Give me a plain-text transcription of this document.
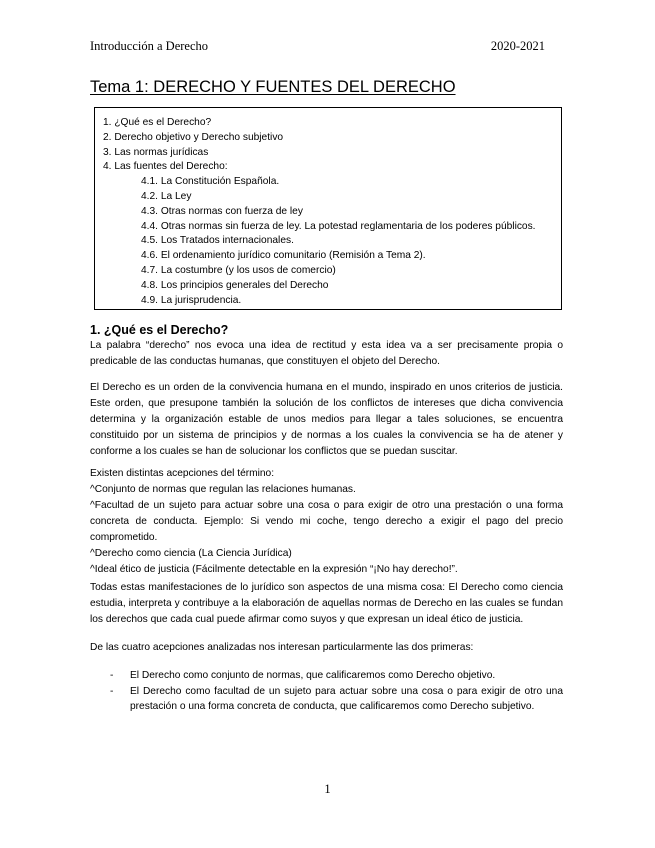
Introducción a Derecho	2020-2021
Tema 1: DERECHO Y FUENTES DEL DERECHO
1. ¿Qué es el Derecho?
2. Derecho objetivo y Derecho subjetivo
3. Las normas jurídicas
4. Las fuentes del Derecho:
4.1. La Constitución Española.
4.2. La Ley
4.3. Otras normas con fuerza de ley
4.4. Otras normas sin fuerza de ley. La potestad reglamentaria de los poderes públicos.
4.5. Los Tratados internacionales.
4.6. El ordenamiento jurídico comunitario (Remisión a Tema 2).
4.7. La costumbre (y los usos de comercio)
4.8. Los principios generales del Derecho
4.9. La jurisprudencia.
1. ¿Qué es el Derecho?

La palabra “derecho” nos evoca una idea de rectitud y esta idea va a ser precisamente propia o predicable de las conductas humanas, que constituyen el objeto del Derecho.

El Derecho es un orden de la convivencia humana en el mundo, inspirado en unos criterios de justicia. Este orden, que presupone también la solución de los conflictos de intereses que dicha convivencia determina y la organización estable de unos medios para llegar a tales soluciones, se encuentra constituido por un sistema de principios y de normas a los cuales la convivencia se ha de atener y conforme a los cuales se han de solucionar los conflictos que se puedan suscitar.

Existen distintas acepciones del término:
^Conjunto de normas que regulan las relaciones humanas.
^Facultad de un sujeto para actuar sobre una cosa o para exigir de otro una prestación o una forma concreta de conducta. Ejemplo: Si vendo mi coche, tengo derecho a exigir el pago del precio comprometido.
^Derecho como ciencia (La Ciencia Jurídica)
^Ideal ético de justicia (Fácilmente detectable en la expresión “¡No hay derecho!”.

Todas estas manifestaciones de lo jurídico son aspectos de una misma cosa: El Derecho como ciencia estudia, interpreta y contribuye a la elaboración de aquellas normas de Derecho en las cuales se fundan los derechos que cada cual puede afirmar como suyos y que expresan un ideal ético de justicia.

De las cuatro acepciones analizadas nos interesan particularmente las dos primeras:

-	El Derecho como conjunto de normas, que calificaremos como Derecho objetivo.
-	El Derecho como facultad de un sujeto para actuar sobre una cosa o para exigir de otro una prestación o una forma concreta de conducta, que calificaremos como Derecho subjetivo.
1
